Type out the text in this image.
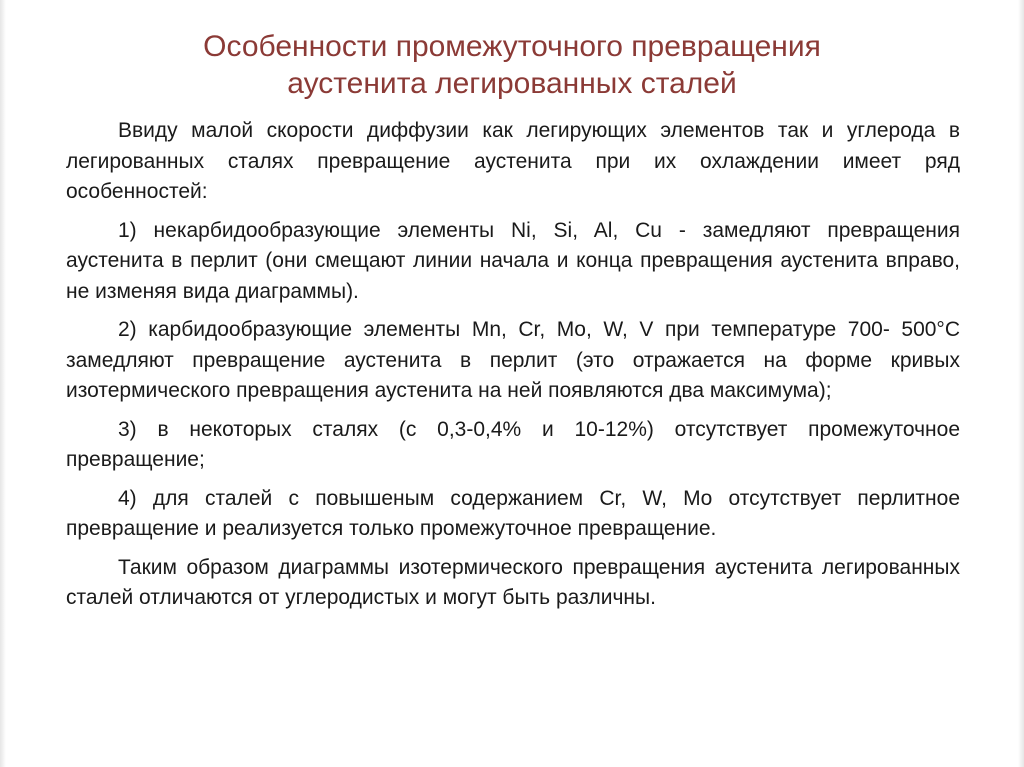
Особенности промежуточного превращения
аустенита легированных сталей

Ввиду малой скорости диффузии как легирующих элементов так и углерода в легированных сталях превращение аустенита при их охлаждении имеет ряд особенностей:

1) некарбидообразующие элементы Ni, Si, Al, Cu - замедляют превращения аустенита в перлит (они смещают линии начала и конца превращения аустенита вправо, не изменяя вида диаграммы).

2) карбидообразующие элементы Mn, Cr, Mo, W, V при температуре 700- 500°С замедляют превращение аустенита в перлит (это отражается на форме кривых изотермического превращения аустенита на ней появляются два максимума);

3) в некоторых сталях (с 0,3-0,4% и 10-12%) отсутствует промежуточное превращение;

4) для сталей с повышеным содержанием Cr, W, Mo отсутствует перлитное превращение и реализуется только промежуточное превращение.

Таким образом диаграммы изотермического превращения аустенита легированных сталей отличаются от углеродистых и могут быть различны.
